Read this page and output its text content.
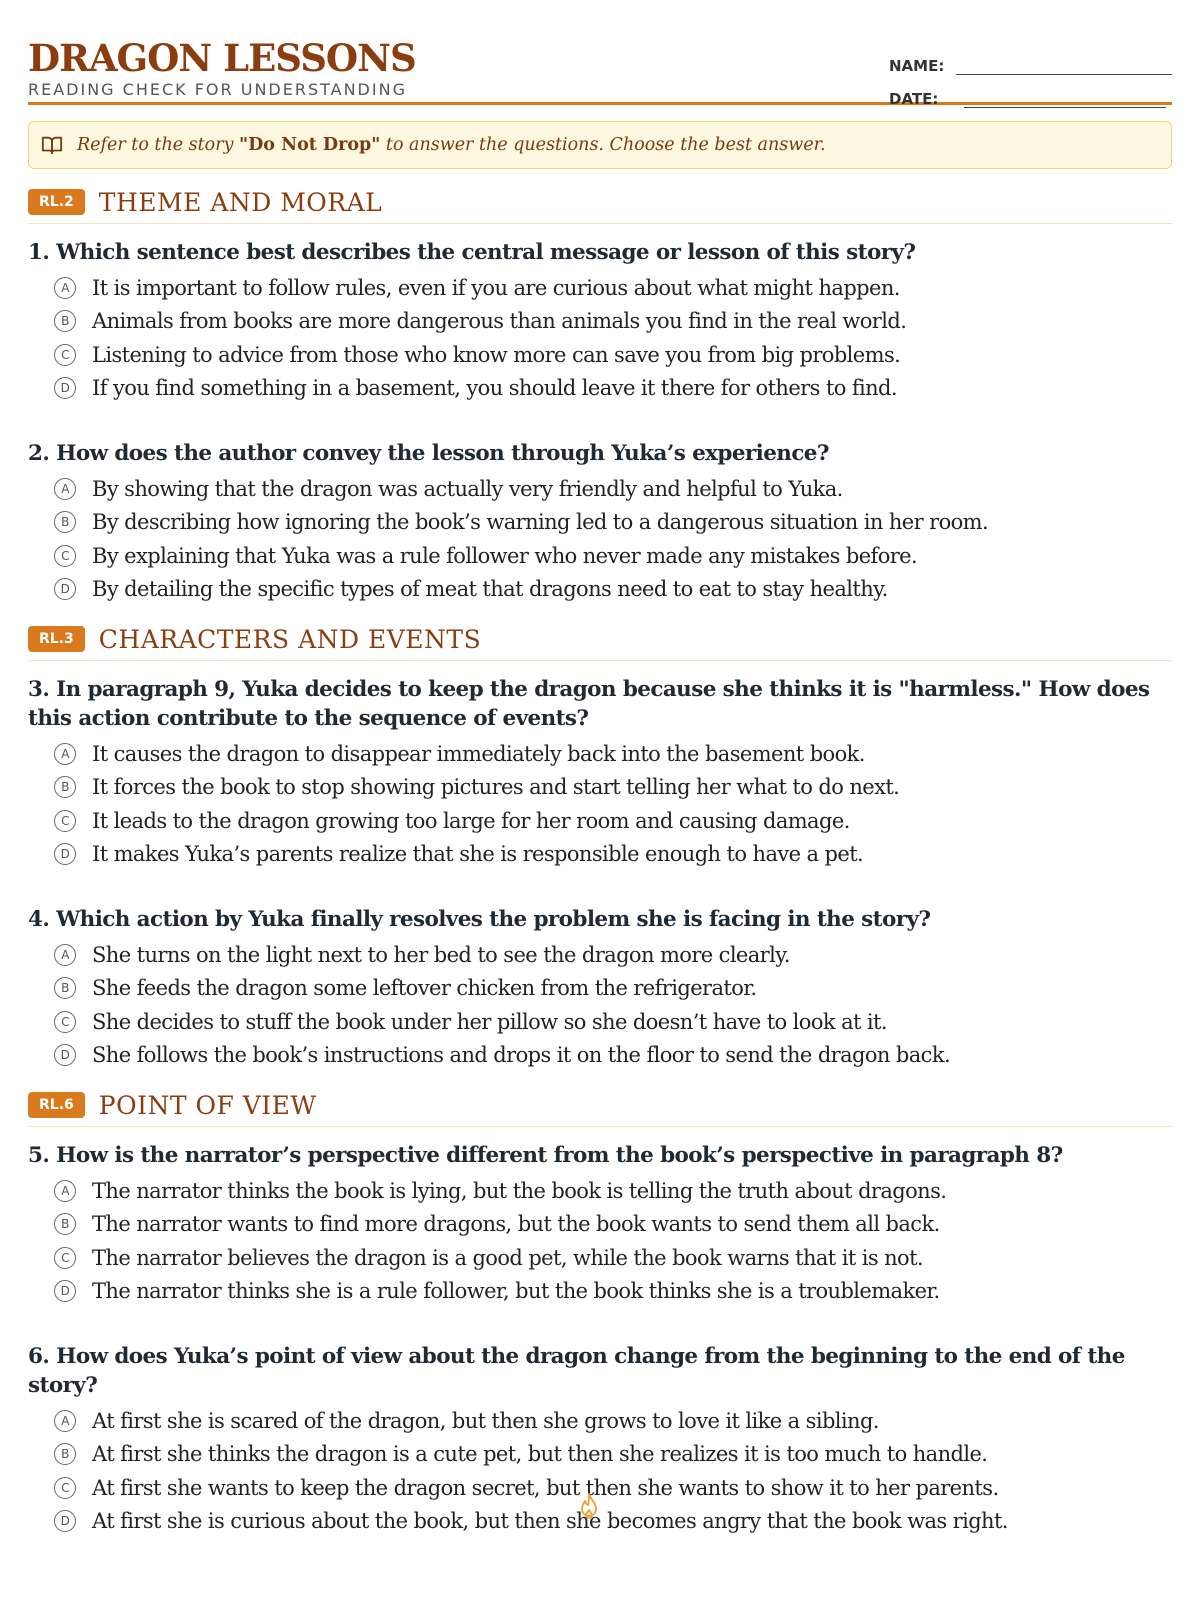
DRAGON LESSONS
READING CHECK FOR UNDERSTANDING
NAME:
DATE:
Refer to the story "Do Not Drop" to answer the questions. Choose the best answer.
RL.2	THEME AND MORAL
1. Which sentence best describes the central message or lesson of this story?
A	It is important to follow rules, even if you are curious about what might happen.
B	Animals from books are more dangerous than animals you find in the real world.
C	Listening to advice from those who know more can save you from big problems.
D	If you find something in a basement, you should leave it there for others to find.
2. How does the author convey the lesson through Yuka’s experience?
A	By showing that the dragon was actually very friendly and helpful to Yuka.
B	By describing how ignoring the book’s warning led to a dangerous situation in her room.
C	By explaining that Yuka was a rule follower who never made any mistakes before.
D	By detailing the specific types of meat that dragons need to eat to stay healthy.
RL.3	CHARACTERS AND EVENTS
3. In paragraph 9, Yuka decides to keep the dragon because she thinks it is "harmless." How does this action contribute to the sequence of events?
A	It causes the dragon to disappear immediately back into the basement book.
B	It forces the book to stop showing pictures and start telling her what to do next.
C	It leads to the dragon growing too large for her room and causing damage.
D	It makes Yuka’s parents realize that she is responsible enough to have a pet.
4. Which action by Yuka finally resolves the problem she is facing in the story?
A	She turns on the light next to her bed to see the dragon more clearly.
B	She feeds the dragon some leftover chicken from the refrigerator.
C	She decides to stuff the book under her pillow so she doesn’t have to look at it.
D	She follows the book’s instructions and drops it on the floor to send the dragon back.
RL.6	POINT OF VIEW
5. How is the narrator’s perspective different from the book’s perspective in paragraph 8?
A	The narrator thinks the book is lying, but the book is telling the truth about dragons.
B	The narrator wants to find more dragons, but the book wants to send them all back.
C	The narrator believes the dragon is a good pet, while the book warns that it is not.
D	The narrator thinks she is a rule follower, but the book thinks she is a troublemaker.
6. How does Yuka’s point of view about the dragon change from the beginning to the end of the story?
A	At first she is scared of the dragon, but then she grows to love it like a sibling.
B	At first she thinks the dragon is a cute pet, but then she realizes it is too much to handle.
C	At first she wants to keep the dragon secret, but then she wants to show it to her parents.
D	At first she is curious about the book, but then she becomes angry that the book was right.
